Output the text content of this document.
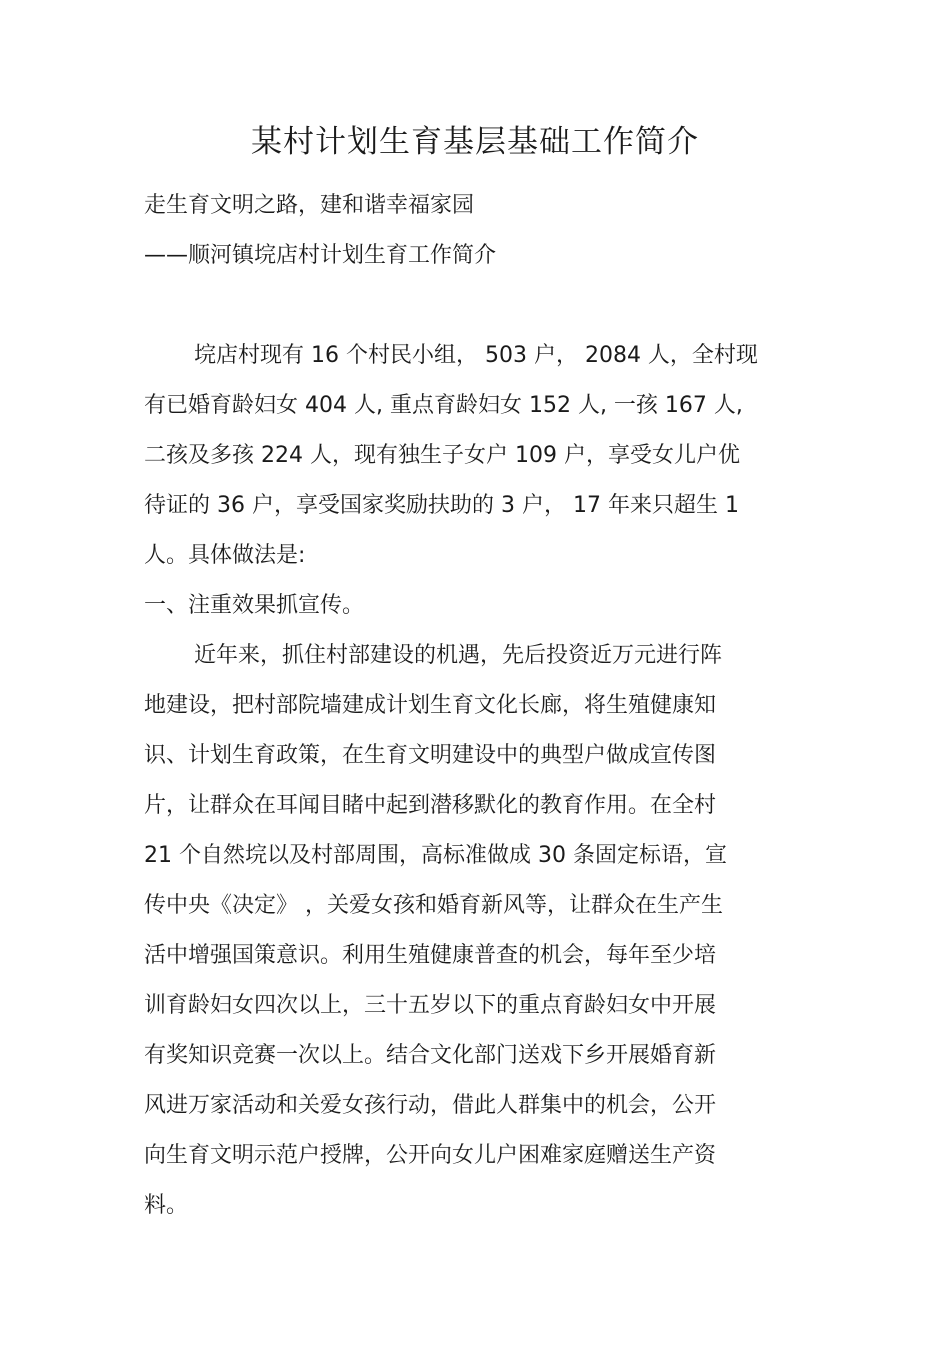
某村计划生育基层基础工作简介
走生育文明之路，建和谐幸福家园
——顺河镇垸店村计划生育工作简介
垸店村现有 16 个村民小组， 503 户， 2084 人，全村现
有已婚育龄妇女 404 人, 重点育龄妇女 152 人, 一孩 167 人,
二孩及多孩 224 人，现有独生子女户 109 户，享受女儿户优
待证的 36 户，享受国家奖励扶助的 3 户， 17 年来只超生 1
人。具体做法是:
一、注重效果抓宣传。
近年来，抓住村部建设的机遇，先后投资近万元进行阵
地建设，把村部院墙建成计划生育文化长廊，将生殖健康知
识、计划生育政策，在生育文明建设中的典型户做成宣传图
片，让群众在耳闻目睹中起到潜移默化的教育作用。在全村
21 个自然垸以及村部周围，高标准做成 30 条固定标语，宣
传中央《决定》 ，关爱女孩和婚育新风等，让群众在生产生
活中增强国策意识。利用生殖健康普查的机会，每年至少培
训育龄妇女四次以上，三十五岁以下的重点育龄妇女中开展
有奖知识竞赛一次以上。结合文化部门送戏下乡开展婚育新
风进万家活动和关爱女孩行动，借此人群集中的机会，公开
向生育文明示范户授牌，公开向女儿户困难家庭赠送生产资
料。
